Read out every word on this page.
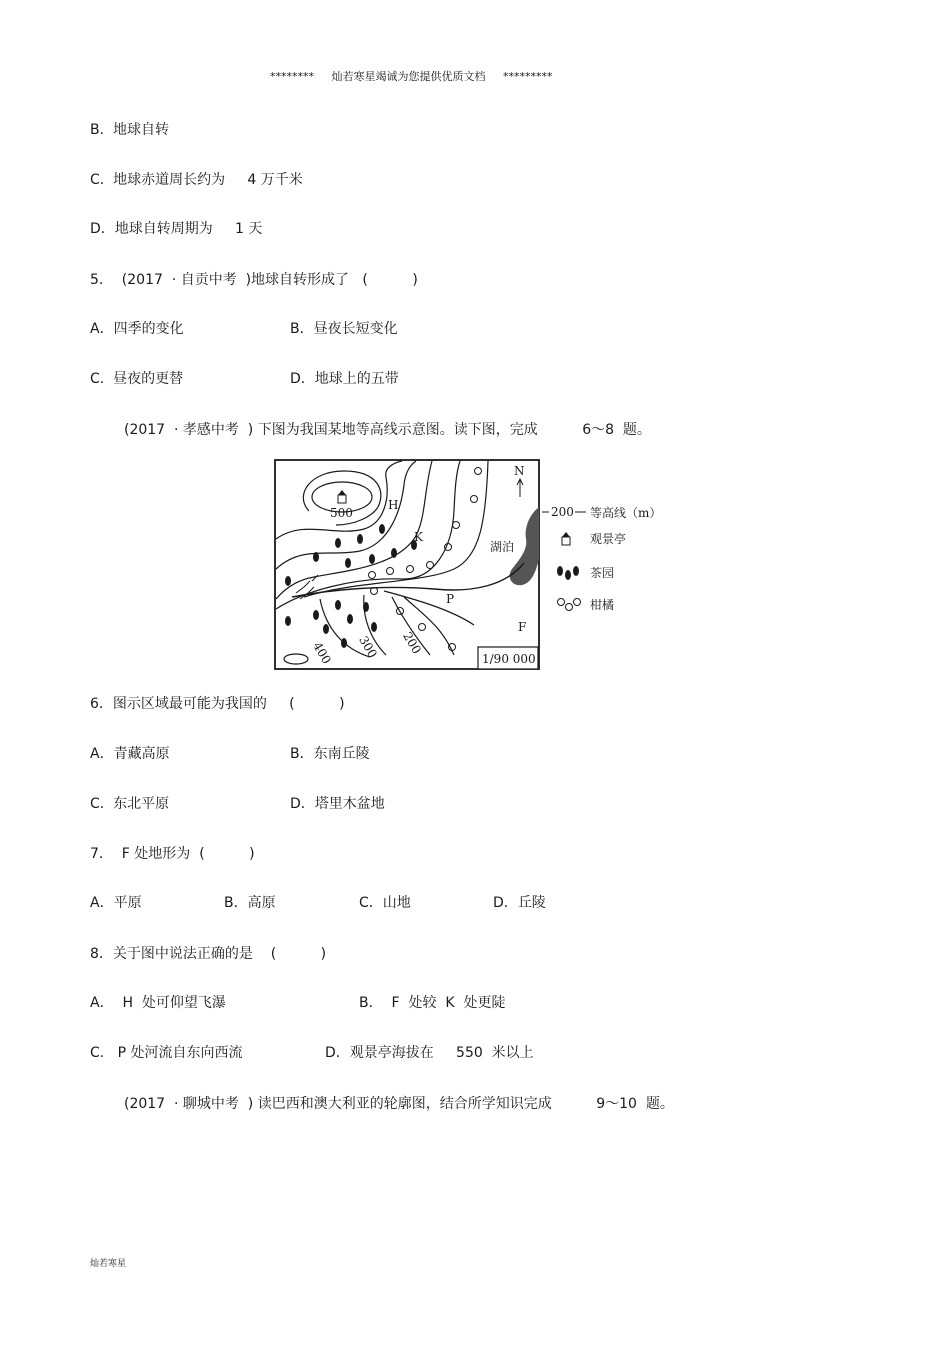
******** 灿若寒星竭诚为您提供优质文档 *********
B.  地球自转
C.  地球赤道周长约为     4 万千米
D．地球自转周期为     1 天
5．  (2017  · 自贡中考  )地球自转形成了   (          )
A．四季的变化	B．昼夜长短变化
C.  昼夜的更替	D．地球上的五带
(2017  · 孝感中考  ) 下图为我国某地等高线示意图。读下图，完成          6～8  题。
N
H
K
P
F
湖泊
500
400 300 200
1/90 000
200 等高线（m）
观景亭
茶园
柑橘
6．图示区域最可能为我国的     (          )
A．青藏高原	B．东南丘陵
C.  东北平原	D．塔里木盆地
7．  F 处地形为  (          )
A．平原	B．高原	C．山地	D．丘陵
8．关于图中说法正确的是    (          )
A．  H  处可仰望飞瀑	B．  F  处较  K  处更陡
C.   P 处河流自东向西流	D．观景亭海拔在     550  米以上
(2017  · 聊城中考  ) 读巴西和澳大利亚的轮廓图，结合所学知识完成          9～10  题。
灿若寒星
